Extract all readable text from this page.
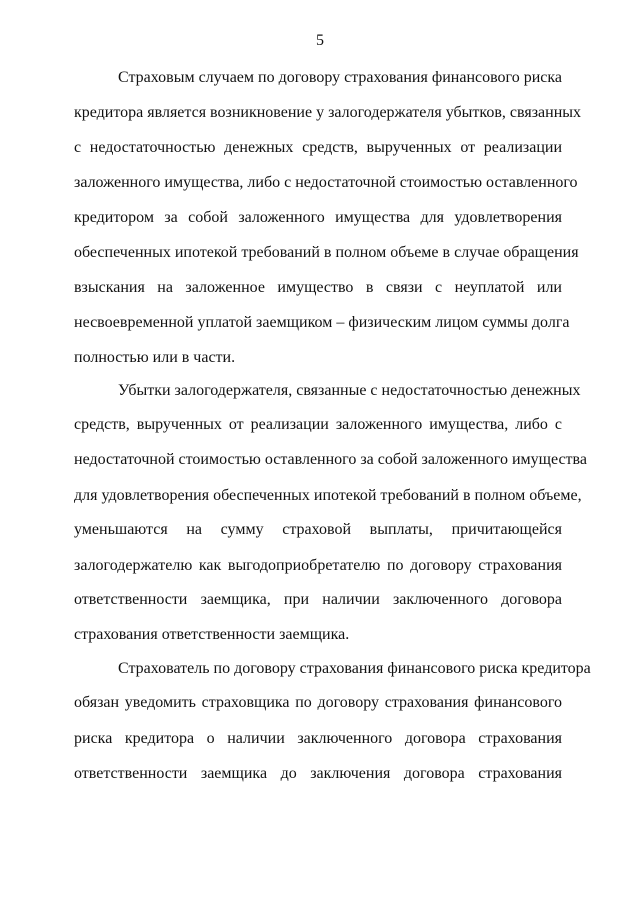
5
Страховым случаем по договору страхования финансового риска
кредитора является возникновение у залогодержателя убытков, связанных
с недостаточностью денежных средств, вырученных от реализации
заложенного имущества, либо с недостаточной стоимостью оставленного
кредитором за собой заложенного имущества для удовлетворения
обеспеченных ипотекой требований в полном объеме в случае обращения
взыскания на заложенное имущество в связи с неуплатой или
несвоевременной уплатой заемщиком – физическим лицом суммы долга
полностью или в части.
Убытки залогодержателя, связанные с недостаточностью денежных
средств, вырученных от реализации заложенного имущества, либо с
недостаточной стоимостью оставленного за собой заложенного имущества
для удовлетворения обеспеченных ипотекой требований в полном объеме,
уменьшаются на сумму страховой выплаты, причитающейся
залогодержателю как выгодоприобретателю по договору страхования
ответственности заемщика, при наличии заключенного договора
страхования ответственности заемщика.
Страхователь по договору страхования финансового риска кредитора
обязан уведомить страховщика по договору страхования финансового
риска кредитора о наличии заключенного договора страхования
ответственности заемщика до заключения договора страхования
